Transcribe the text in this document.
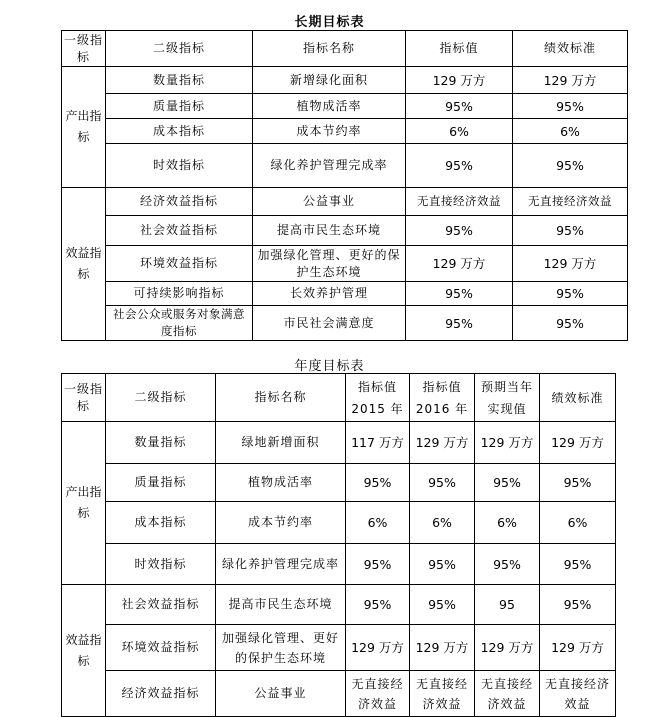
长期目标表
一级指标	二级指标	指标名称	指标值	绩效标准
产出指标	数量指标	新增绿化面积	129 万方	129 万方
	质量指标	植物成活率	95%	95%
	成本指标	成本节约率	6%	6%
	时效指标	绿化养护管理完成率	95%	95%
效益指标	经济效益指标	公益事业	无直接经济效益	无直接经济效益
	社会效益指标	提高市民生态环境	95%	95%
	环境效益指标	加强绿化管理、更好的保护生态环境	129 万方	129 万方
	可持续影响指标	长效养护管理	95%	95%
	社会公众或服务对象满意度指标	市民社会满意度	95%	95%
年度目标表
一级指标	二级指标	指标名称	指标值 2015 年	指标值 2016 年	预期当年实现值	绩效标准
产出指标	数量指标	绿地新增面积	117 万方	129 万方	129 万方	129 万方
	质量指标	植物成活率	95%	95%	95%	95%
	成本指标	成本节约率	6%	6%	6%	6%
	时效指标	绿化养护管理完成率	95%	95%	95%	95%
效益指标	社会效益指标	提高市民生态环境	95%	95%	95	95%
	环境效益指标	加强绿化管理、更好的保护生态环境	129 万方	129 万方	129 万方	129 万方
	经济效益指标	公益事业	无直接经济效益	无直接经济效益	无直接经济效益	无直接经济效益
